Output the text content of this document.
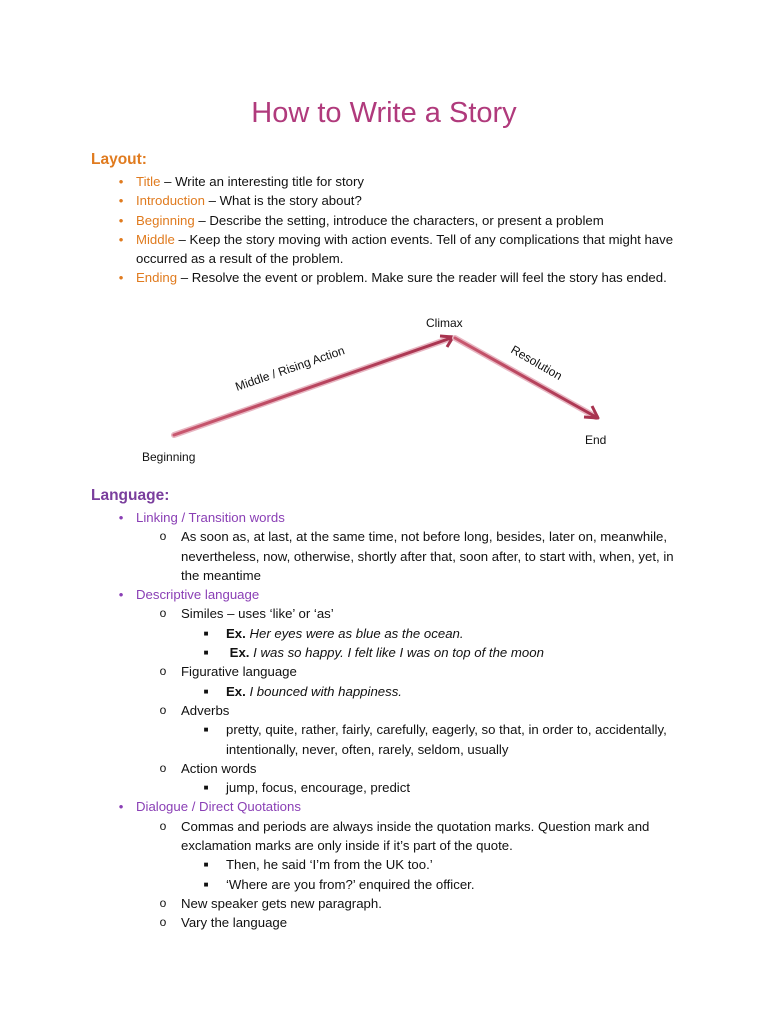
How to Write a Story
Layout:
• Title – Write an interesting title for story
• Introduction – What is the story about?
• Beginning – Describe the setting, introduce the characters, or present a problem
• Middle – Keep the story moving with action events. Tell of any complications that might have occurred as a result of the problem.
• Ending – Resolve the event or problem. Make sure the reader will feel the story has ended.
Beginning
Middle / Rising Action
Climax
Resolution
End
Language:
• Linking / Transition words
o As soon as, at last, at the same time, not before long, besides, later on, meanwhile, nevertheless, now, otherwise, shortly after that, soon after, to start with, when, yet, in the meantime
• Descriptive language
o Similes – uses ‘like’ or ‘as’
■ Ex. Her eyes were as blue as the ocean.
■ Ex. I was so happy. I felt like I was on top of the moon
o Figurative language
■ Ex. I bounced with happiness.
o Adverbs
■ pretty, quite, rather, fairly, carefully, eagerly, so that, in order to, accidentally, intentionally, never, often, rarely, seldom, usually
o Action words
■ jump, focus, encourage, predict
• Dialogue / Direct Quotations
o Commas and periods are always inside the quotation marks. Question mark and exclamation marks are only inside if it’s part of the quote.
■ Then, he said ‘I’m from the UK too.’
■ ‘Where are you from?’ enquired the officer.
o New speaker gets new paragraph.
o Vary the language
